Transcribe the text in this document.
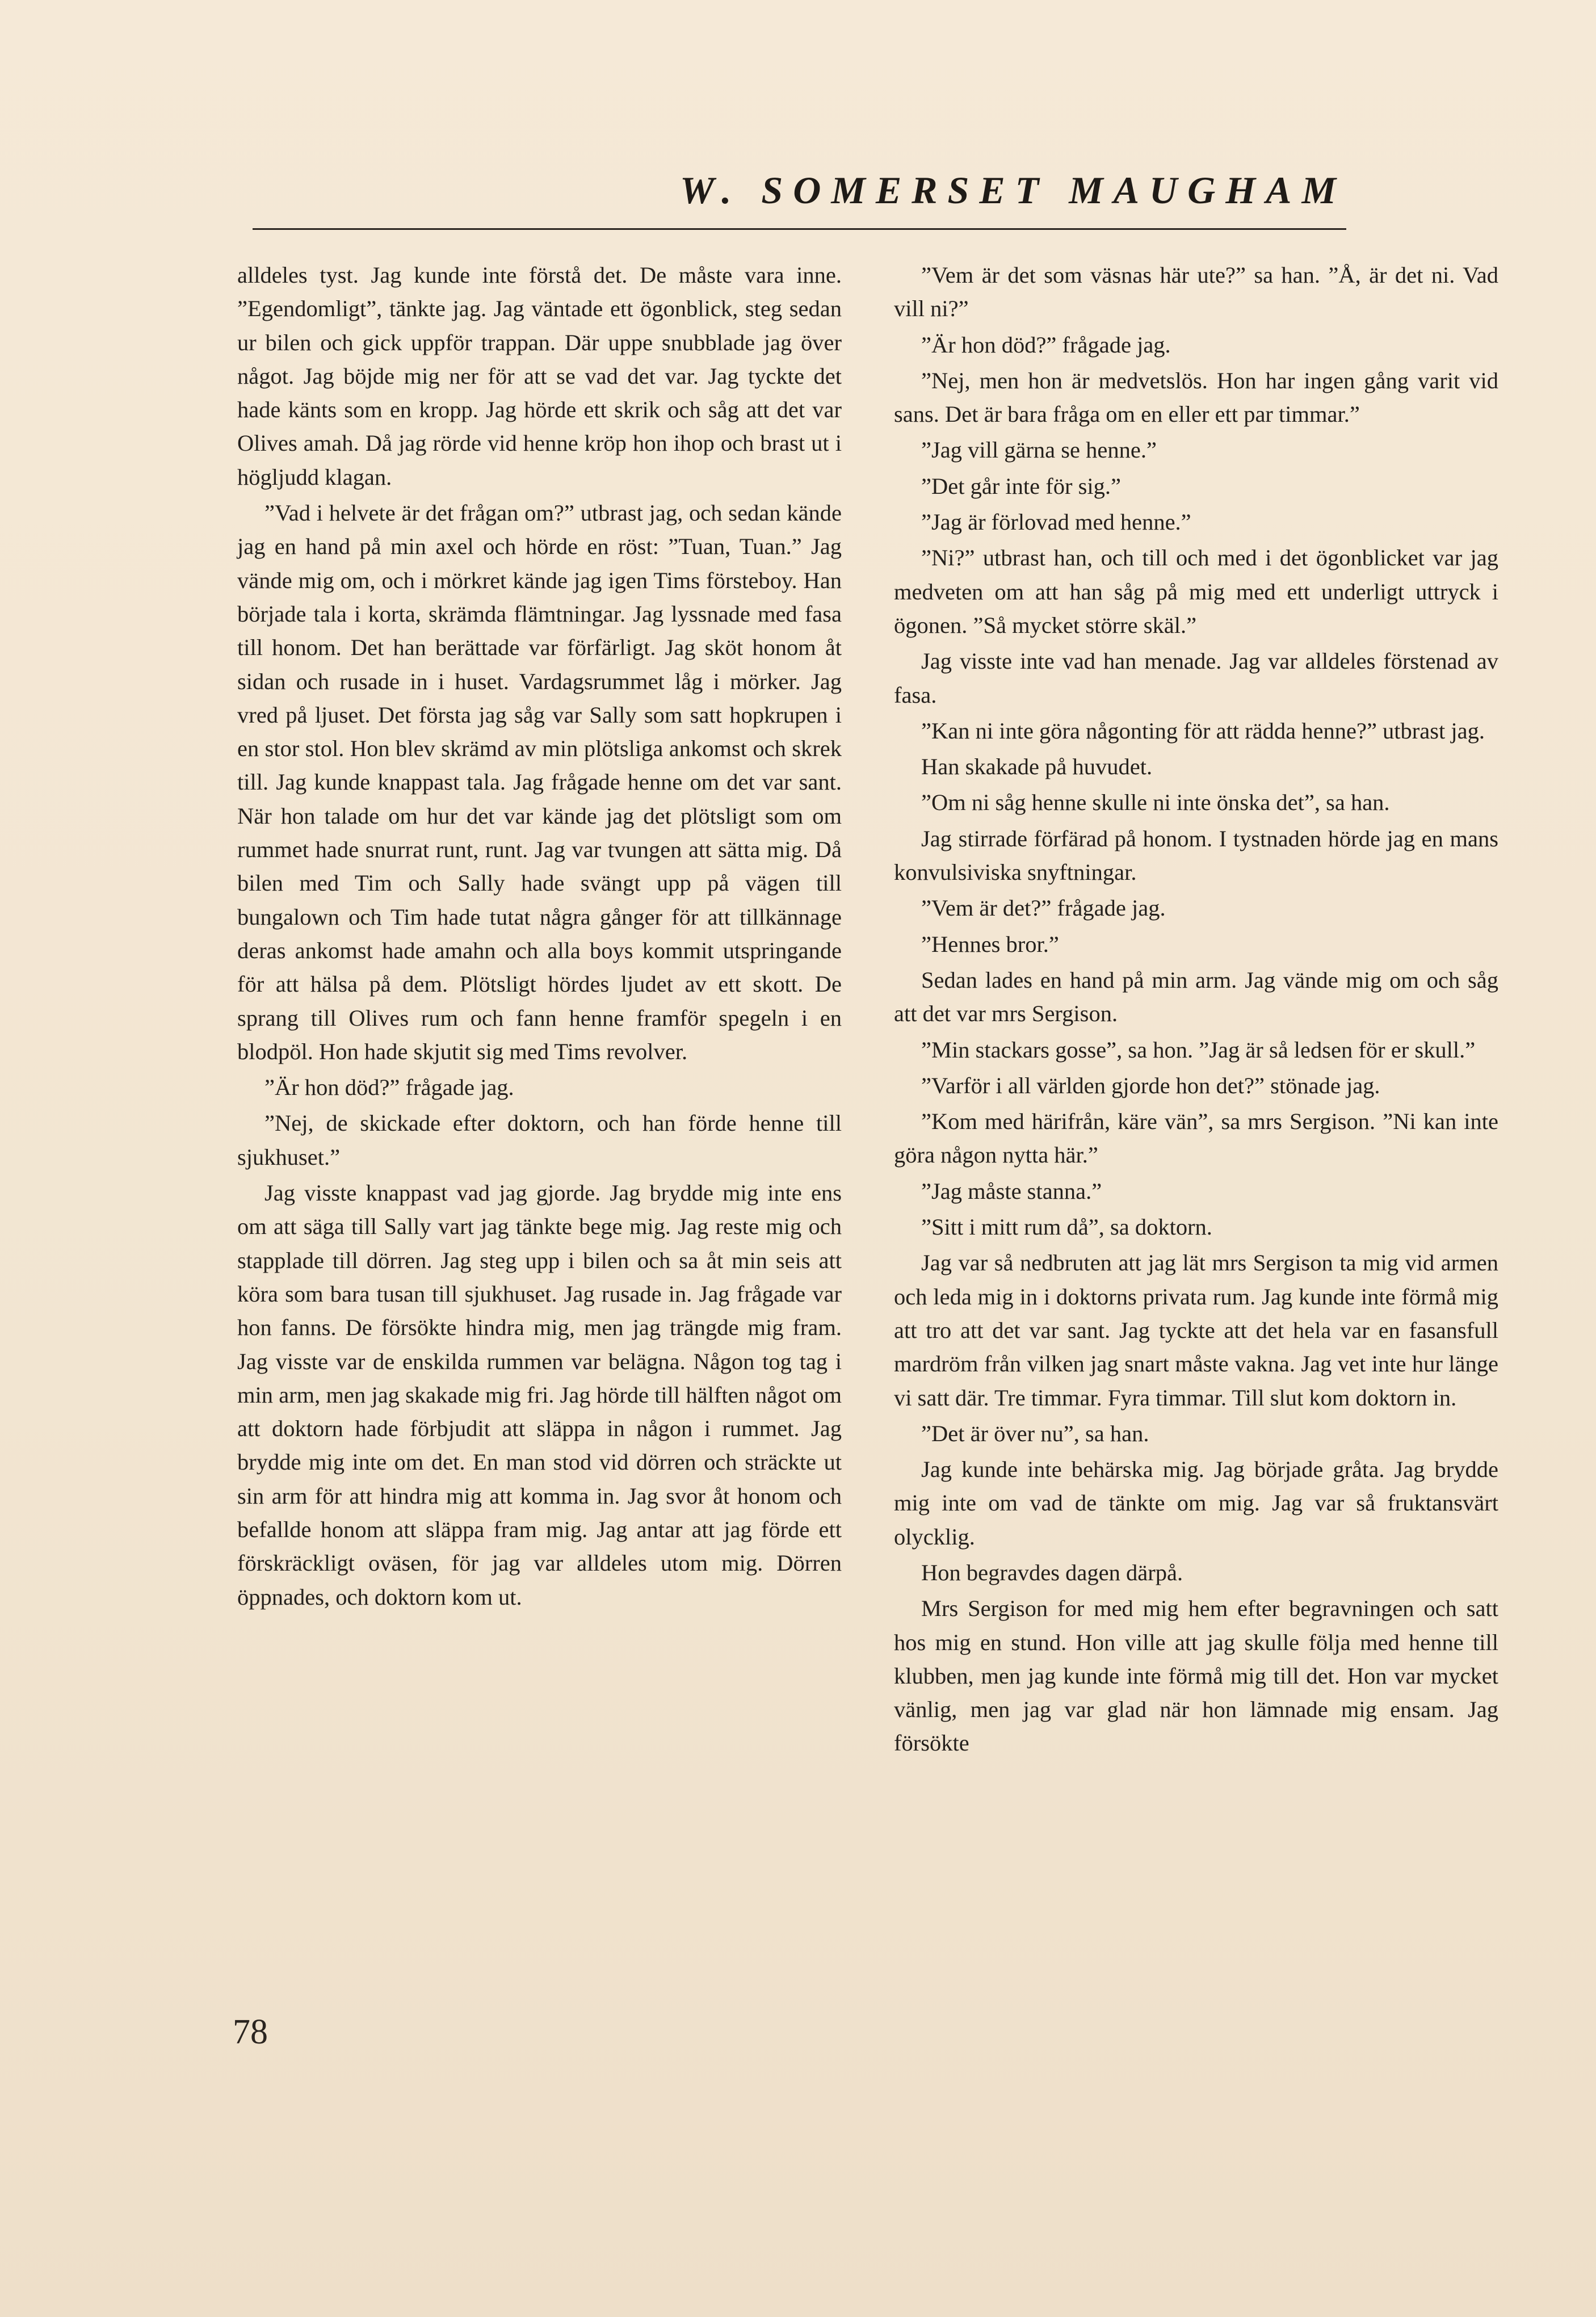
W. SOMERSET MAUGHAM

alldeles tyst. Jag kunde inte förstå det. De måste vara inne. ”Egendomligt”, tänkte jag. Jag väntade ett ögonblick, steg sedan ur bilen och gick uppför trappan. Där uppe snubblade jag över något. Jag böjde mig ner för att se vad det var. Jag tyckte det hade känts som en kropp. Jag hörde ett skrik och såg att det var Olives amah. Då jag rörde vid henne kröp hon ihop och brast ut i högljudd klagan.

”Vad i helvete är det frågan om?” utbrast jag, och sedan kände jag en hand på min axel och hörde en röst: ”Tuan, Tuan.” Jag vände mig om, och i mörkret kände jag igen Tims försteboy. Han började tala i korta, skrämda flämtningar. Jag lyssnade med fasa till honom. Det han berättade var förfärligt. Jag sköt honom åt sidan och rusade in i huset. Vardagsrummet låg i mörker. Jag vred på ljuset. Det första jag såg var Sally som satt hopkrupen i en stor stol. Hon blev skrämd av min plötsliga ankomst och skrek till. Jag kunde knappast tala. Jag frågade henne om det var sant. När hon talade om hur det var kände jag det plötsligt som om rummet hade snurrat runt, runt. Jag var tvungen att sätta mig. Då bilen med Tim och Sally hade svängt upp på vägen till bungalown och Tim hade tutat några gånger för att tillkännage deras ankomst hade amahn och alla boys kommit utspringande för att hälsa på dem. Plötsligt hördes ljudet av ett skott. De sprang till Olives rum och fann henne framför spegeln i en blodpöl. Hon hade skjutit sig med Tims revolver.

”Är hon död?” frågade jag.

”Nej, de skickade efter doktorn, och han förde henne till sjukhuset.”

Jag visste knappast vad jag gjorde. Jag brydde mig inte ens om att säga till Sally vart jag tänkte bege mig. Jag reste mig och stapplade till dörren. Jag steg upp i bilen och sa åt min seis att köra som bara tusan till sjukhuset. Jag rusade in. Jag frågade var hon fanns. De försökte hindra mig, men jag trängde mig fram. Jag visste var de enskilda rummen var belägna. Någon tog tag i min arm, men jag skakade mig fri. Jag hörde till hälften något om att doktorn hade förbjudit att släppa in någon i rummet. Jag brydde mig inte om det. En man stod vid dörren och sträckte ut sin arm för att hindra mig att komma in. Jag svor åt honom och befallde honom att släppa fram mig. Jag antar att jag förde ett förskräckligt oväsen, för jag var alldeles utom mig. Dörren öppnades, och doktorn kom ut.

”Vem är det som väsnas här ute?” sa han. ”Å, är det ni. Vad vill ni?”

”Är hon död?” frågade jag.

”Nej, men hon är medvetslös. Hon har ingen gång varit vid sans. Det är bara fråga om en eller ett par timmar.”

”Jag vill gärna se henne.”

”Det går inte för sig.”

”Jag är förlovad med henne.”

”Ni?” utbrast han, och till och med i det ögonblicket var jag medveten om att han såg på mig med ett underligt uttryck i ögonen. ”Så mycket större skäl.”

Jag visste inte vad han menade. Jag var alldeles förstenad av fasa.

”Kan ni inte göra någonting för att rädda henne?” utbrast jag.

Han skakade på huvudet.

”Om ni såg henne skulle ni inte önska det”, sa han.

Jag stirrade förfärad på honom. I tystnaden hörde jag en mans konvulsiviska snyftningar.

”Vem är det?” frågade jag.

”Hennes bror.”

Sedan lades en hand på min arm. Jag vände mig om och såg att det var mrs Sergison.

”Min stackars gosse”, sa hon. ”Jag är så ledsen för er skull.”

”Varför i all världen gjorde hon det?” stönade jag.

”Kom med härifrån, käre vän”, sa mrs Sergison. ”Ni kan inte göra någon nytta här.”

”Jag måste stanna.”

”Sitt i mitt rum då”, sa doktorn.

Jag var så nedbruten att jag lät mrs Sergison ta mig vid armen och leda mig in i doktorns privata rum. Jag kunde inte förmå mig att tro att det var sant. Jag tyckte att det hela var en fasansfull mardröm från vilken jag snart måste vakna. Jag vet inte hur länge vi satt där. Tre timmar. Fyra timmar. Till slut kom doktorn in.

”Det är över nu”, sa han.

Jag kunde inte behärska mig. Jag började gråta. Jag brydde mig inte om vad de tänkte om mig. Jag var så fruktansvärt olycklig.

Hon begravdes dagen därpå.

Mrs Sergison for med mig hem efter begravningen och satt hos mig en stund. Hon ville att jag skulle följa med henne till klubben, men jag kunde inte förmå mig till det. Hon var mycket vänlig, men jag var glad när hon lämnade mig ensam. Jag försökte

78
